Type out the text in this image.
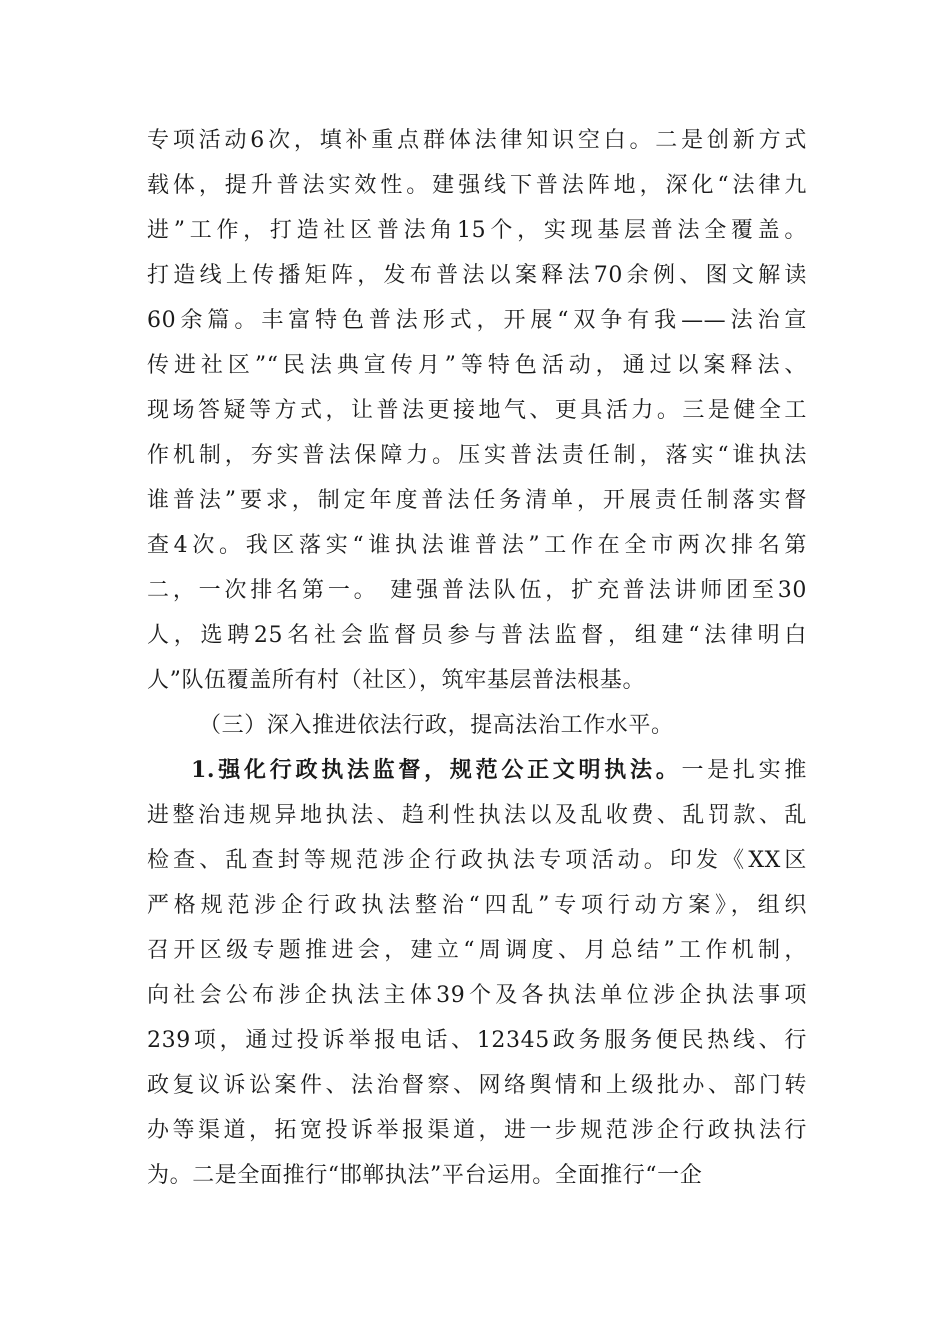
专项活动6次，填补重点群体法律知识空白。二是创新方式
载体，提升普法实效性。建强线下普法阵地，深化“法律九
进”工作，打造社区普法角15个，实现基层普法全覆盖。
打造线上传播矩阵，发布普法以案释法70余例、图文解读
60余篇。丰富特色普法形式，开展“双争有我——法治宣
传进社区”“民法典宣传月”等特色活动，通过以案释法、
现场答疑等方式，让普法更接地气、更具活力。三是健全工
作机制，夯实普法保障力。压实普法责任制，落实“谁执法
谁普法”要求，制定年度普法任务清单，开展责任制落实督
查4次。我区落实“谁执法谁普法”工作在全市两次排名第
二，一次排名第一。 建强普法队伍，扩充普法讲师团至30
人，选聘25名社会监督员参与普法监督，组建“法律明白
人”队伍覆盖所有村（社区），筑牢基层普法根基。
（三）深入推进依法行政，提高法治工作水平。
1.强化行政执法监督，规范公正文明执法。一是扎实推
进整治违规异地执法、趋利性执法以及乱收费、乱罚款、乱
检查、乱查封等规范涉企行政执法专项活动。印发《XX区
严格规范涉企行政执法整治“四乱”专项行动方案》，组织
召开区级专题推进会，建立“周调度、月总结”工作机制，
向社会公布涉企执法主体39个及各执法单位涉企执法事项
239项，通过投诉举报电话、12345政务服务便民热线、行
政复议诉讼案件、法治督察、网络舆情和上级批办、部门转
办等渠道，拓宽投诉举报渠道，进一步规范涉企行政执法行
为。二是全面推行“邯郸执法”平台运用。全面推行“一企
